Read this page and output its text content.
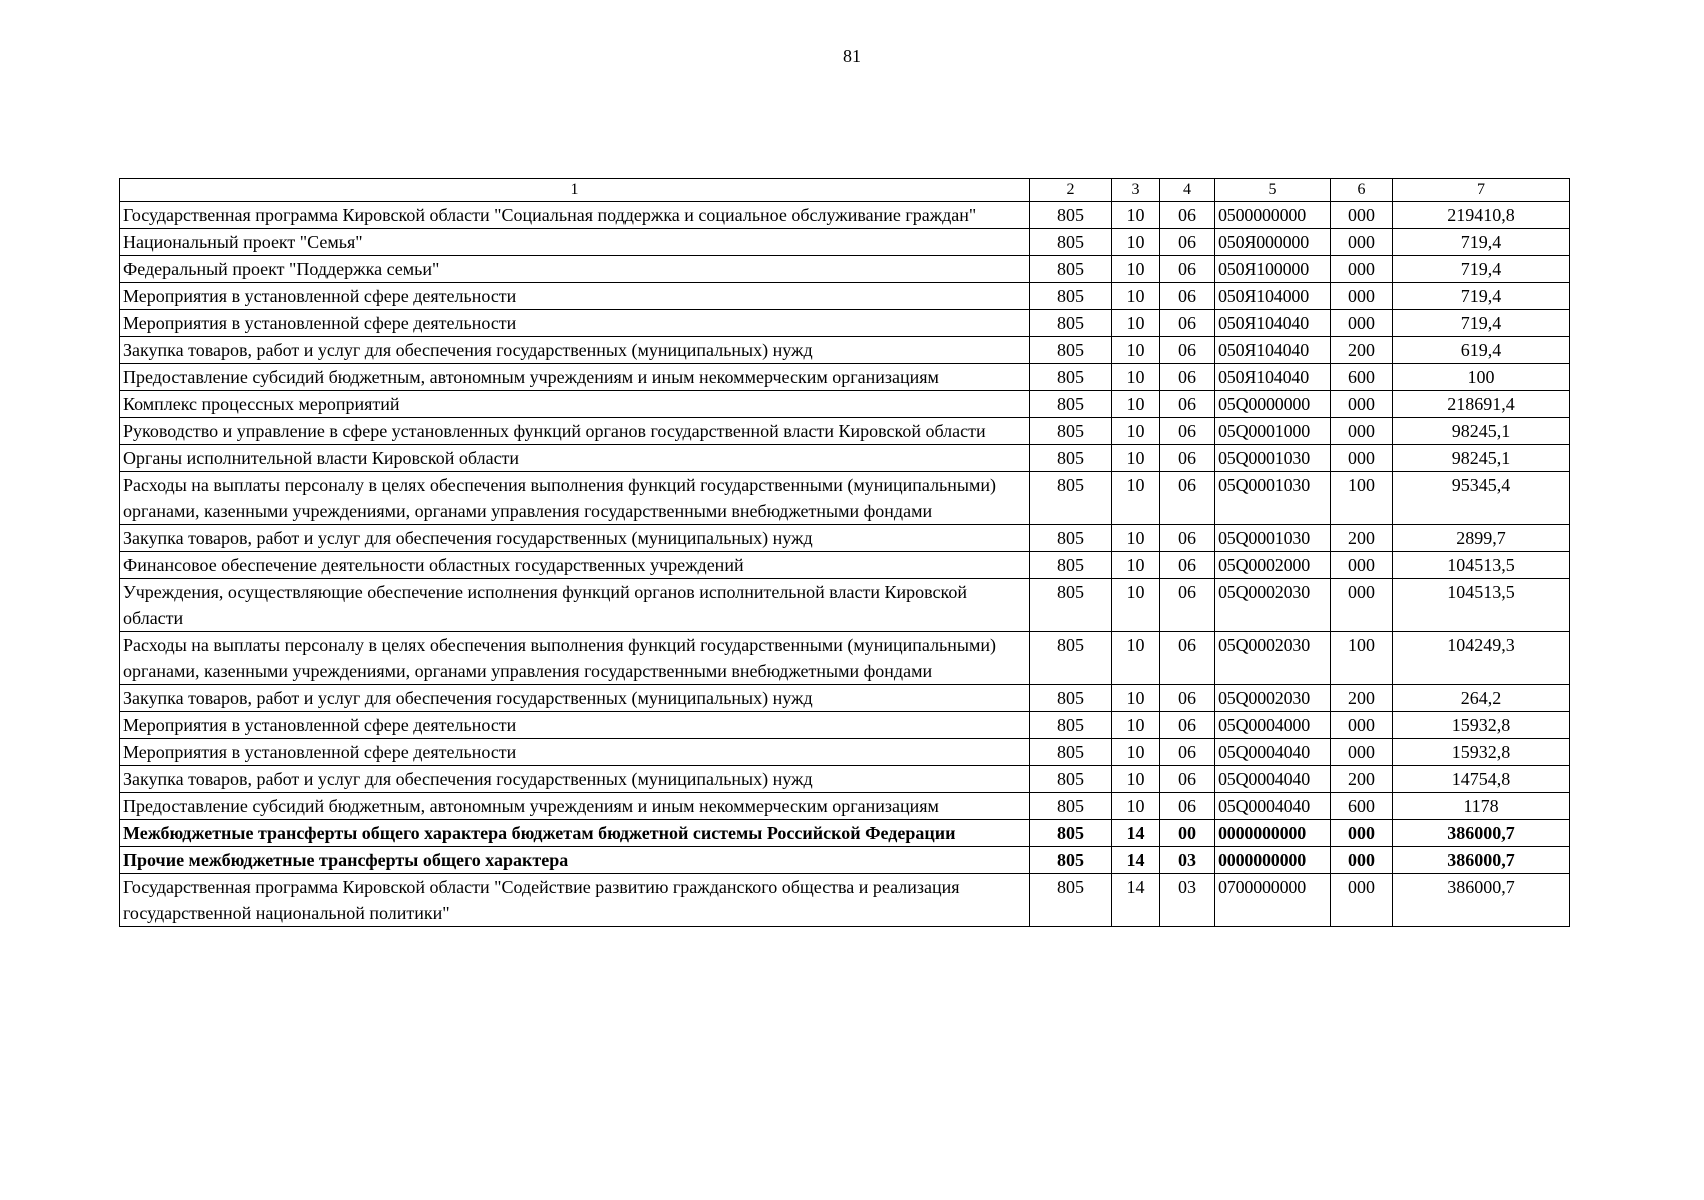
81
1	2	3	4	5	6	7
Государственная программа Кировской области "Социальная поддержка и социальное обслуживание граждан"	805	10	06	0500000000	000	219410,8
Национальный проект "Семья"	805	10	06	050Я000000	000	719,4
Федеральный проект "Поддержка семьи"	805	10	06	050Я100000	000	719,4
Мероприятия в установленной сфере деятельности	805	10	06	050Я104000	000	719,4
Мероприятия в установленной сфере деятельности	805	10	06	050Я104040	000	719,4
Закупка товаров, работ и услуг для обеспечения государственных (муниципальных) нужд	805	10	06	050Я104040	200	619,4
Предоставление субсидий бюджетным, автономным учреждениям и иным некоммерческим организациям	805	10	06	050Я104040	600	100
Комплекс процессных мероприятий	805	10	06	05Q0000000	000	218691,4
Руководство и управление в сфере установленных функций органов государственной власти Кировской области	805	10	06	05Q0001000	000	98245,1
Органы исполнительной власти Кировской области	805	10	06	05Q0001030	000	98245,1
Расходы на выплаты персоналу в целях обеспечения выполнения функций государственными (муниципальными) органами, казенными учреждениями, органами управления государственными внебюджетными фондами	805	10	06	05Q0001030	100	95345,4
Закупка товаров, работ и услуг для обеспечения государственных (муниципальных) нужд	805	10	06	05Q0001030	200	2899,7
Финансовое обеспечение деятельности областных государственных учреждений	805	10	06	05Q0002000	000	104513,5
Учреждения, осуществляющие обеспечение исполнения функций органов исполнительной власти Кировской области	805	10	06	05Q0002030	000	104513,5
Расходы на выплаты персоналу в целях обеспечения выполнения функций государственными (муниципальными) органами, казенными учреждениями, органами управления государственными внебюджетными фондами	805	10	06	05Q0002030	100	104249,3
Закупка товаров, работ и услуг для обеспечения государственных (муниципальных) нужд	805	10	06	05Q0002030	200	264,2
Мероприятия в установленной сфере деятельности	805	10	06	05Q0004000	000	15932,8
Мероприятия в установленной сфере деятельности	805	10	06	05Q0004040	000	15932,8
Закупка товаров, работ и услуг для обеспечения государственных (муниципальных) нужд	805	10	06	05Q0004040	200	14754,8
Предоставление субсидий бюджетным, автономным учреждениям и иным некоммерческим организациям	805	10	06	05Q0004040	600	1178
Межбюджетные трансферты общего характера бюджетам бюджетной системы Российской Федерации	805	14	00	0000000000	000	386000,7
Прочие межбюджетные трансферты общего характера	805	14	03	0000000000	000	386000,7
Государственная программа Кировской области "Содействие развитию гражданского общества и реализация государственной национальной политики"	805	14	03	0700000000	000	386000,7
